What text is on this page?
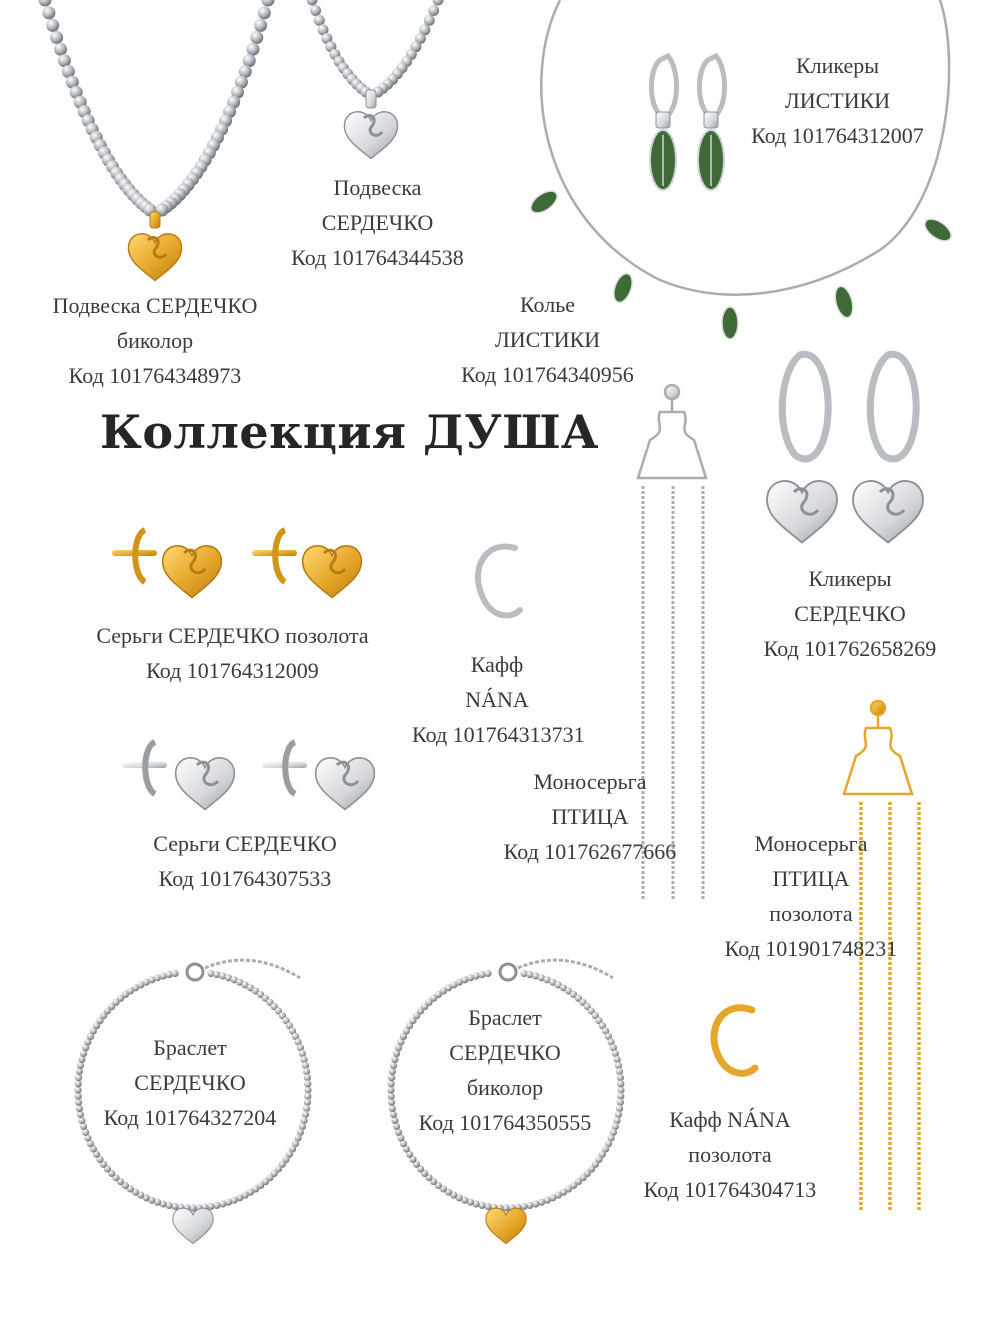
Коллекция ДУША
Подвеска СЕРДЕЧКО
биколор
Код 101764348973
Подвеска
СЕРДЕЧКО
Код 101764344538
Кликеры
ЛИСТИКИ
Код 101764312007
Колье
ЛИСТИКИ
Код 101764340956
Серьги СЕРДЕЧКО позолота
Код 101764312009	Кафф
NÁNA
Код 101764313731
Кликеры
СЕРДЕЧКО
Код 101762658269
Моносерьга
ПТИЦА
Код 101762677666
Серьги СЕРДЕЧКО
Код 101764307533
Моносерьга
ПТИЦА
позолота
Код 101901748231
Браслет
СЕРДЕЧКО
Код 101764327204
Браслет
СЕРДЕЧКО
биколор
Код 101764350555	Кафф NÁNA
позолота
Код 101764304713
